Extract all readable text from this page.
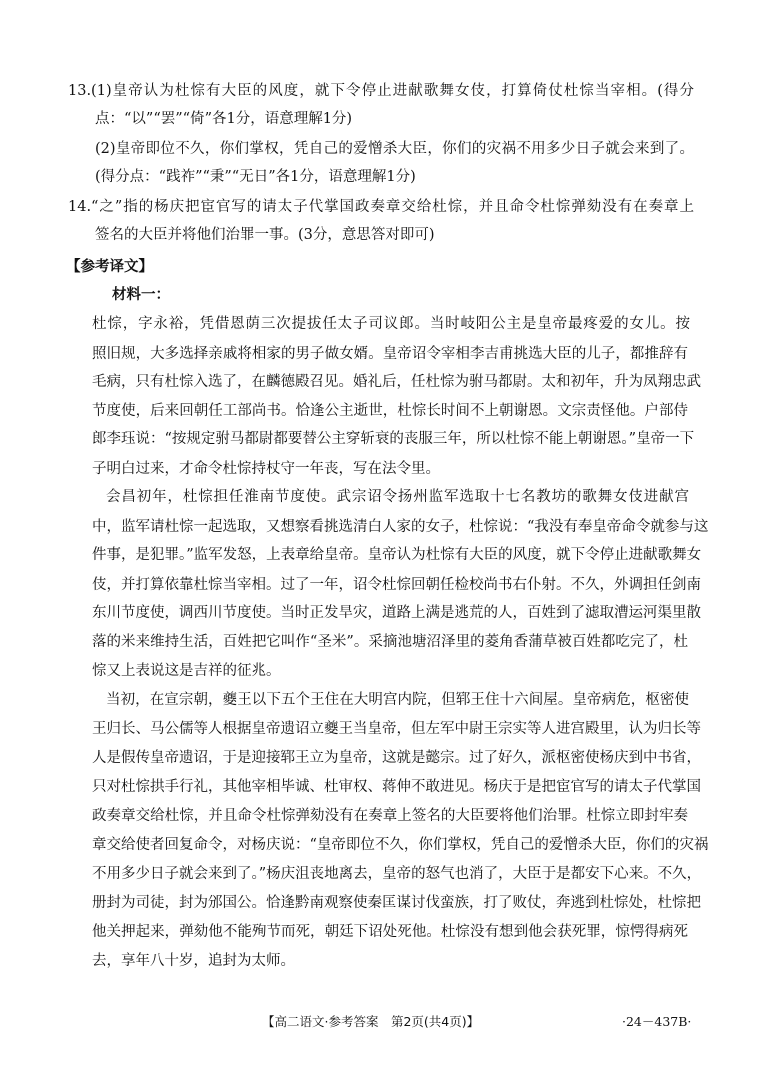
13.(1)皇帝认为杜悰有大臣的风度，就下令停止进献歌舞女伎，打算倚仗杜悰当宰相。(得分
点：“以”“罢”“倚”各1分，语意理解1分)
(2)皇帝即位不久，你们掌权，凭自己的爱憎杀大臣，你们的灾祸不用多少日子就会来到了。
(得分点：“践祚”“秉”“无日”各1分，语意理解1分)
14.“之”指的杨庆把宦官写的请太子代掌国政奏章交给杜悰，并且命令杜悰弹劾没有在奏章上
签名的大臣并将他们治罪一事。(3分，意思答对即可)
【参考译文】
材料一：
杜悰，字永裕，凭借恩荫三次提拔任太子司议郎。当时岐阳公主是皇帝最疼爱的女儿。按
照旧规，大多选择亲戚将相家的男子做女婿。皇帝诏令宰相李吉甫挑选大臣的儿子，都推辞有
毛病，只有杜悰入选了，在麟德殿召见。婚礼后，任杜悰为驸马都尉。太和初年，升为凤翔忠武
节度使，后来回朝任工部尚书。恰逢公主逝世，杜悰长时间不上朝谢恩。文宗责怪他。户部侍
郎李珏说：“按规定驸马都尉都要替公主穿斩衰的丧服三年，所以杜悰不能上朝谢恩。”皇帝一下
子明白过来，才命令杜悰持杖守一年丧，写在法令里。
会昌初年，杜悰担任淮南节度使。武宗诏令扬州监军选取十七名教坊的歌舞女伎进献宫
中，监军请杜悰一起选取，又想察看挑选清白人家的女子，杜悰说：“我没有奉皇帝命令就参与这
件事，是犯罪。”监军发怒，上表章给皇帝。皇帝认为杜悰有大臣的风度，就下令停止进献歌舞女
伎，并打算依靠杜悰当宰相。过了一年，诏令杜悰回朝任检校尚书右仆射。不久，外调担任剑南
东川节度使，调西川节度使。当时正发旱灾，道路上满是逃荒的人，百姓到了滤取漕运河渠里散
落的米来维持生活，百姓把它叫作“圣米”。采摘池塘沼泽里的菱角香蒲草被百姓都吃完了，杜
悰又上表说这是吉祥的征兆。
当初，在宣宗朝，夔王以下五个王住在大明宫内院，但郓王住十六间屋。皇帝病危，枢密使
王归长、马公儒等人根据皇帝遗诏立夔王当皇帝，但左军中尉王宗实等人进宫殿里，认为归长等
人是假传皇帝遗诏，于是迎接郓王立为皇帝，这就是懿宗。过了好久，派枢密使杨庆到中书省，
只对杜悰拱手行礼，其他宰相毕诚、杜审权、蒋伸不敢进见。杨庆于是把宦官写的请太子代掌国
政奏章交给杜悰，并且命令杜悰弹劾没有在奏章上签名的大臣要将他们治罪。杜悰立即封牢奏
章交给使者回复命令，对杨庆说：“皇帝即位不久，你们掌权，凭自己的爱憎杀大臣，你们的灾祸
不用多少日子就会来到了。”杨庆沮丧地离去，皇帝的怒气也消了，大臣于是都安下心来。不久，
册封为司徒，封为邠国公。恰逢黔南观察使秦匡谋讨伐蛮族，打了败仗，奔逃到杜悰处，杜悰把
他关押起来，弹劾他不能殉节而死，朝廷下诏处死他。杜悰没有想到他会获死罪，惊愕得病死
去，享年八十岁，追封为太师。
【高二语文·参考答案　第2页(共4页)】	·24－437B·
